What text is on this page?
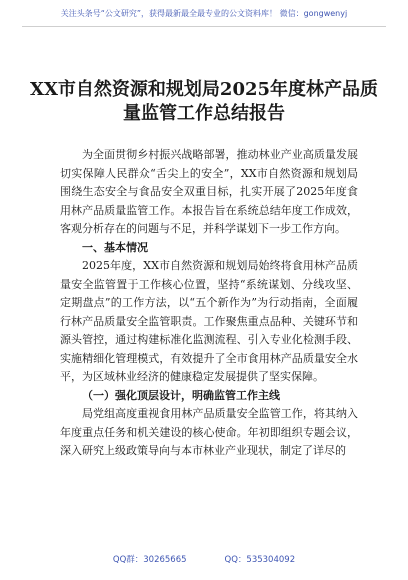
关注头条号“公文研究”，获得最新最全最专业的公文资料库！ 微信：gongwenyj
XX市自然资源和规划局2025年度林产品质量监管工作总结报告

为全面贯彻乡村振兴战略部署，推动林业产业高质量发展切实保障人民群众“舌尖上的安全”，XX市自然资源和规划局围绕生态安全与食品安全双重目标，扎实开展了2025年度食用林产品质量监管工作。本报告旨在系统总结年度工作成效，客观分析存在的问题与不足，并科学谋划下一步工作方向。

一、基本情况

2025年度，XX市自然资源和规划局始终将食用林产品质量安全监管置于工作核心位置，坚持“系统谋划、分线攻坚、定期盘点”的工作方法，以“五个新作为”为行动指南，全面履行林产品质量安全监管职责。工作聚焦重点品种、关键环节和源头管控，通过构建标准化监测流程、引入专业化检测手段、实施精细化管理模式，有效提升了全市食用林产品质量安全水平，为区域林业经济的健康稳定发展提供了坚实保障。

（一）强化顶层设计，明确监管工作主线

局党组高度重视食用林产品质量安全监管工作，将其纳入年度重点任务和机关建设的核心使命。年初即组织专题会议，深入研究上级政策导向与本市林业产业现状，制定了详尽的

QQ群：30265665	QQ：535304092
